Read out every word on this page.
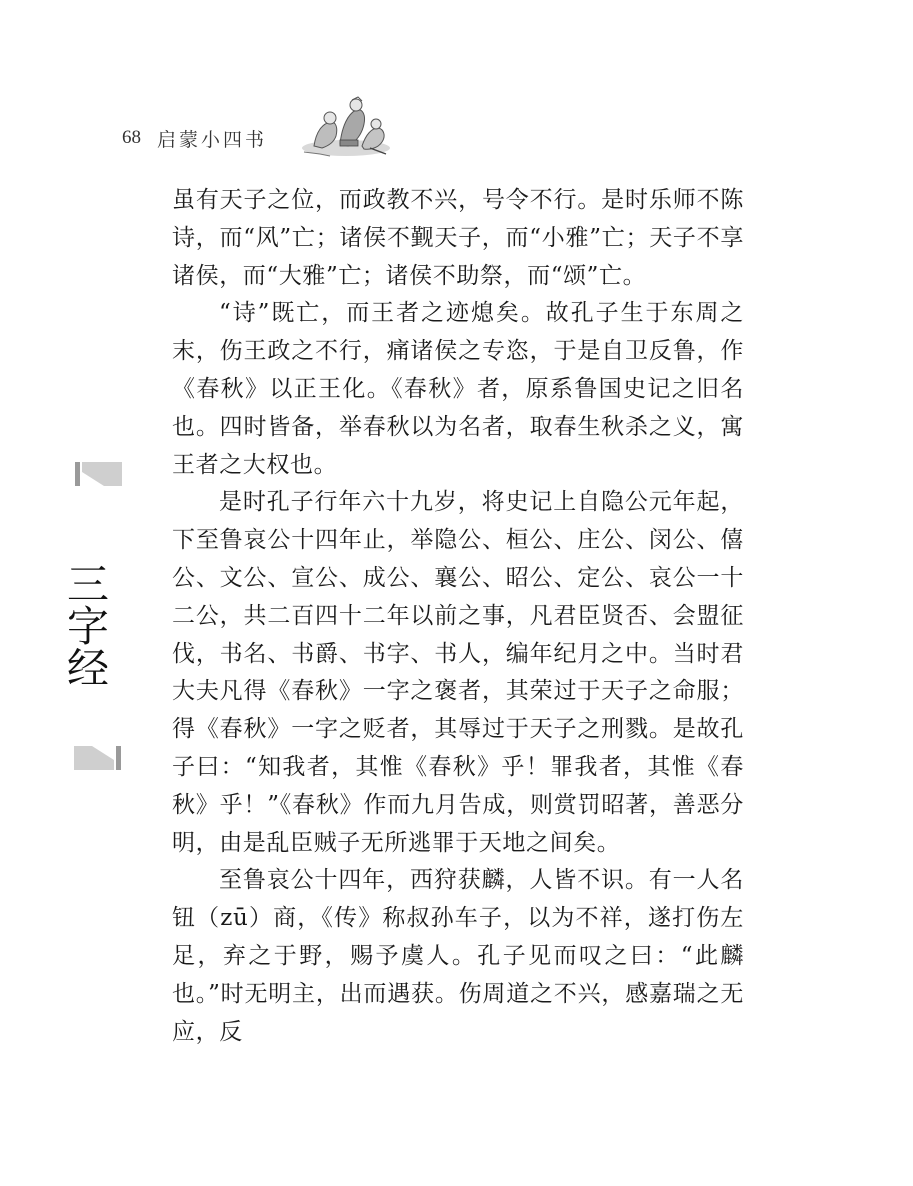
68 启蒙小四书
三字经

虽有天子之位，而政教不兴，号令不行。是时乐师不陈诗，而“风”亡；诸侯不觐天子，而“小雅”亡；天子不享诸侯，而“大雅”亡；诸侯不助祭，而“颂”亡。

“诗”既亡，而王者之迹熄矣。故孔子生于东周之末，伤王政之不行，痛诸侯之专恣，于是自卫反鲁，作《春秋》以正王化。《春秋》者，原系鲁国史记之旧名也。四时皆备，举春秋以为名者，取春生秋杀之义，寓王者之大权也。

是时孔子行年六十九岁，将史记上自隐公元年起，下至鲁哀公十四年止，举隐公、桓公、庄公、闵公、僖公、文公、宣公、成公、襄公、昭公、定公、哀公一十二公，共二百四十二年以前之事，凡君臣贤否、会盟征伐，书名、书爵、书字、书人，编年纪月之中。当时君大夫凡得《春秋》一字之褒者，其荣过于天子之命服；得《春秋》一字之贬者，其辱过于天子之刑戮。是故孔子曰：“知我者，其惟《春秋》乎！罪我者，其惟《春秋》乎！”《春秋》作而九月告成，则赏罚昭著，善恶分明，由是乱臣贼子无所逃罪于天地之间矣。

至鲁哀公十四年，西狩获麟，人皆不识。有一人名钮（zū）商，《传》称叔孙车子，以为不祥，遂打伤左足，弃之于野，赐予虞人。孔子见而叹之曰：“此麟也。”时无明主，出而遇获。伤周道之不兴，感嘉瑞之无应，反
